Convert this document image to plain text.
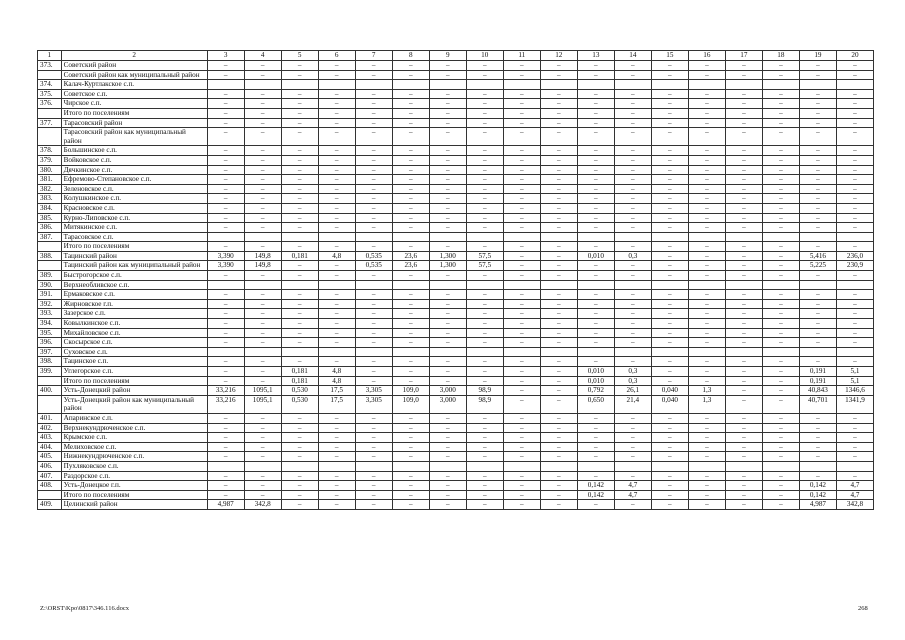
1	2	3	4	5	6	7	8	9	10	11	12	13	14	15	16	17	18	19	20
373.	Советский район	–	–	–	–	–	–	–	–	–	–	–	–	–	–	–	–	–	–
	Советский район как муниципальный район	–	–	–	–	–	–	–	–	–	–	–	–	–	–	–	–	–	–
374.	Калач-Куртлакское с.п.																		
375.	Советское с.п.	–	–	–	–	–	–	–	–	–	–	–	–	–	–	–	–	–	–
376.	Чирское с.п.	–	–	–	–	–	–	–	–	–	–	–	–	–	–	–	–	–	–
	Итого по поселениям	–	–	–	–	–	–	–	–	–	–	–	–	–	–	–	–	–	–
377.	Тарасовский район	–	–	–	–	–	–	–	–	–	–	–	–	–	–	–	–	–	–
	Тарасовский район как муниципальный район	–	–	–	–	–	–	–	–	–	–	–	–	–	–	–	–	–	–
378.	Большинское с.п.	–	–	–	–	–	–	–	–	–	–	–	–	–	–	–	–	–	–
379.	Войковское с.п.	–	–	–	–	–	–	–	–	–	–	–	–	–	–	–	–	–	–
380.	Дячкинское с.п.	–	–	–	–	–	–	–	–	–	–	–	–	–	–	–	–	–	–
381.	Ефремово-Степановское с.п.	–	–	–	–	–	–	–	–	–	–	–	–	–	–	–	–	–	–
382.	Зеленовское с.п.	–	–	–	–	–	–	–	–	–	–	–	–	–	–	–	–	–	–
383.	Колушкинское с.п.	–	–	–	–	–	–	–	–	–	–	–	–	–	–	–	–	–	–
384.	Красновское с.п.	–	–	–	–	–	–	–	–	–	–	–	–	–	–	–	–	–	–
385.	Курно-Липовское с.п.	–	–	–	–	–	–	–	–	–	–	–	–	–	–	–	–	–	–
386.	Митякинское с.п.	–	–	–	–	–	–	–	–	–	–	–	–	–	–	–	–	–	–
387.	Тарасовское с.п.																		
	Итого по поселениям	–	–	–	–	–	–	–	–	–	–	–	–	–	–	–	–	–	–
388.	Тацинский район	3,390	149,8	0,181	4,8	0,535	23,6	1,300	57,5	–	–	0,010	0,3	–	–	–	–	5,416	236,0
	Тацинский район как муниципальный район	3,390	149,8	–	–	0,535	23,6	1,300	57,5	–	–	–	–	–	–	–	–	5,225	230,9
389.	Быстрогорское с.п.	–	–	–	–	–	–	–	–	–	–	–	–	–	–	–	–	–	–
390.	Верхнеобливское с.п.																		
391.	Ермаковское с.п.	–	–	–	–	–	–	–	–	–	–	–	–	–	–	–	–	–	–
392.	Жирновское г.п.	–	–	–	–	–	–	–	–	–	–	–	–	–	–	–	–	–	–
393.	Зазерское с.п.	–	–	–	–	–	–	–	–	–	–	–	–	–	–	–	–	–	–
394.	Ковылкинское с.п.	–	–	–	–	–	–	–	–	–	–	–	–	–	–	–	–	–	–
395.	Михайловское с.п.	–	–	–	–	–	–	–	–	–	–	–	–	–	–	–	–	–	–
396.	Скосырское с.п.	–	–	–	–	–	–	–	–	–	–	–	–	–	–	–	–	–	–
397.	Суховское с.п.																		
398.	Тацинское с.п.	–	–	–	–	–	–	–	–	–	–	–	–	–	–	–	–	–	–
399.	Углегорское с.п.	–	–	0,181	4,8	–	–	–	–	–	–	0,010	0,3	–	–	–	–	0,191	5,1
	Итого по поселениям	–	–	0,181	4,8	–	–	–	–	–	–	0,010	0,3	–	–	–	–	0,191	5,1
400.	Усть-Донецкий район	33,216	1095,1	0,530	17,5	3,305	109,0	3,000	98,9	–	–	0,792	26,1	0,040	1,3	–	–	40,843	1346,6
	Усть-Донецкий район как муниципальный район	33,216	1095,1	0,530	17,5	3,305	109,0	3,000	98,9	–	–	0,650	21,4	0,040	1,3	–	–	40,701	1341,9
401.	Апаринское с.п.	–	–	–	–	–	–	–	–	–	–	–	–	–	–	–	–	–	–
402.	Верхнекундрюченское с.п.	–	–	–	–	–	–	–	–	–	–	–	–	–	–	–	–	–	–
403.	Крымское с.п.	–	–	–	–	–	–	–	–	–	–	–	–	–	–	–	–	–	–
404.	Мелиховское с.п.	–	–	–	–	–	–	–	–	–	–	–	–	–	–	–	–	–	–
405.	Нижнекундрюченское с.п.	–	–	–	–	–	–	–	–	–	–	–	–	–	–	–	–	–	–
406.	Пухляковское с.п.																		
407.	Раздорское с.п.	–	–	–	–	–	–	–	–	–	–	–	–	–	–	–	–	–	–
408.	Усть-Донецкое г.п.	–	–	–	–	–	–	–	–	–	–	0,142	4,7	–	–	–	–	0,142	4,7
	Итого по поселениям	–	–	–	–	–	–	–	–	–	–	0,142	4,7	–	–	–	–	0,142	4,7
409.	Целинский район	4,987	342,8	–	–	–	–	–	–	–	–	–	–	–	–	–	–	4,987	342,8
Z:\ORST\Kpo\0817\346.116.docx	268
